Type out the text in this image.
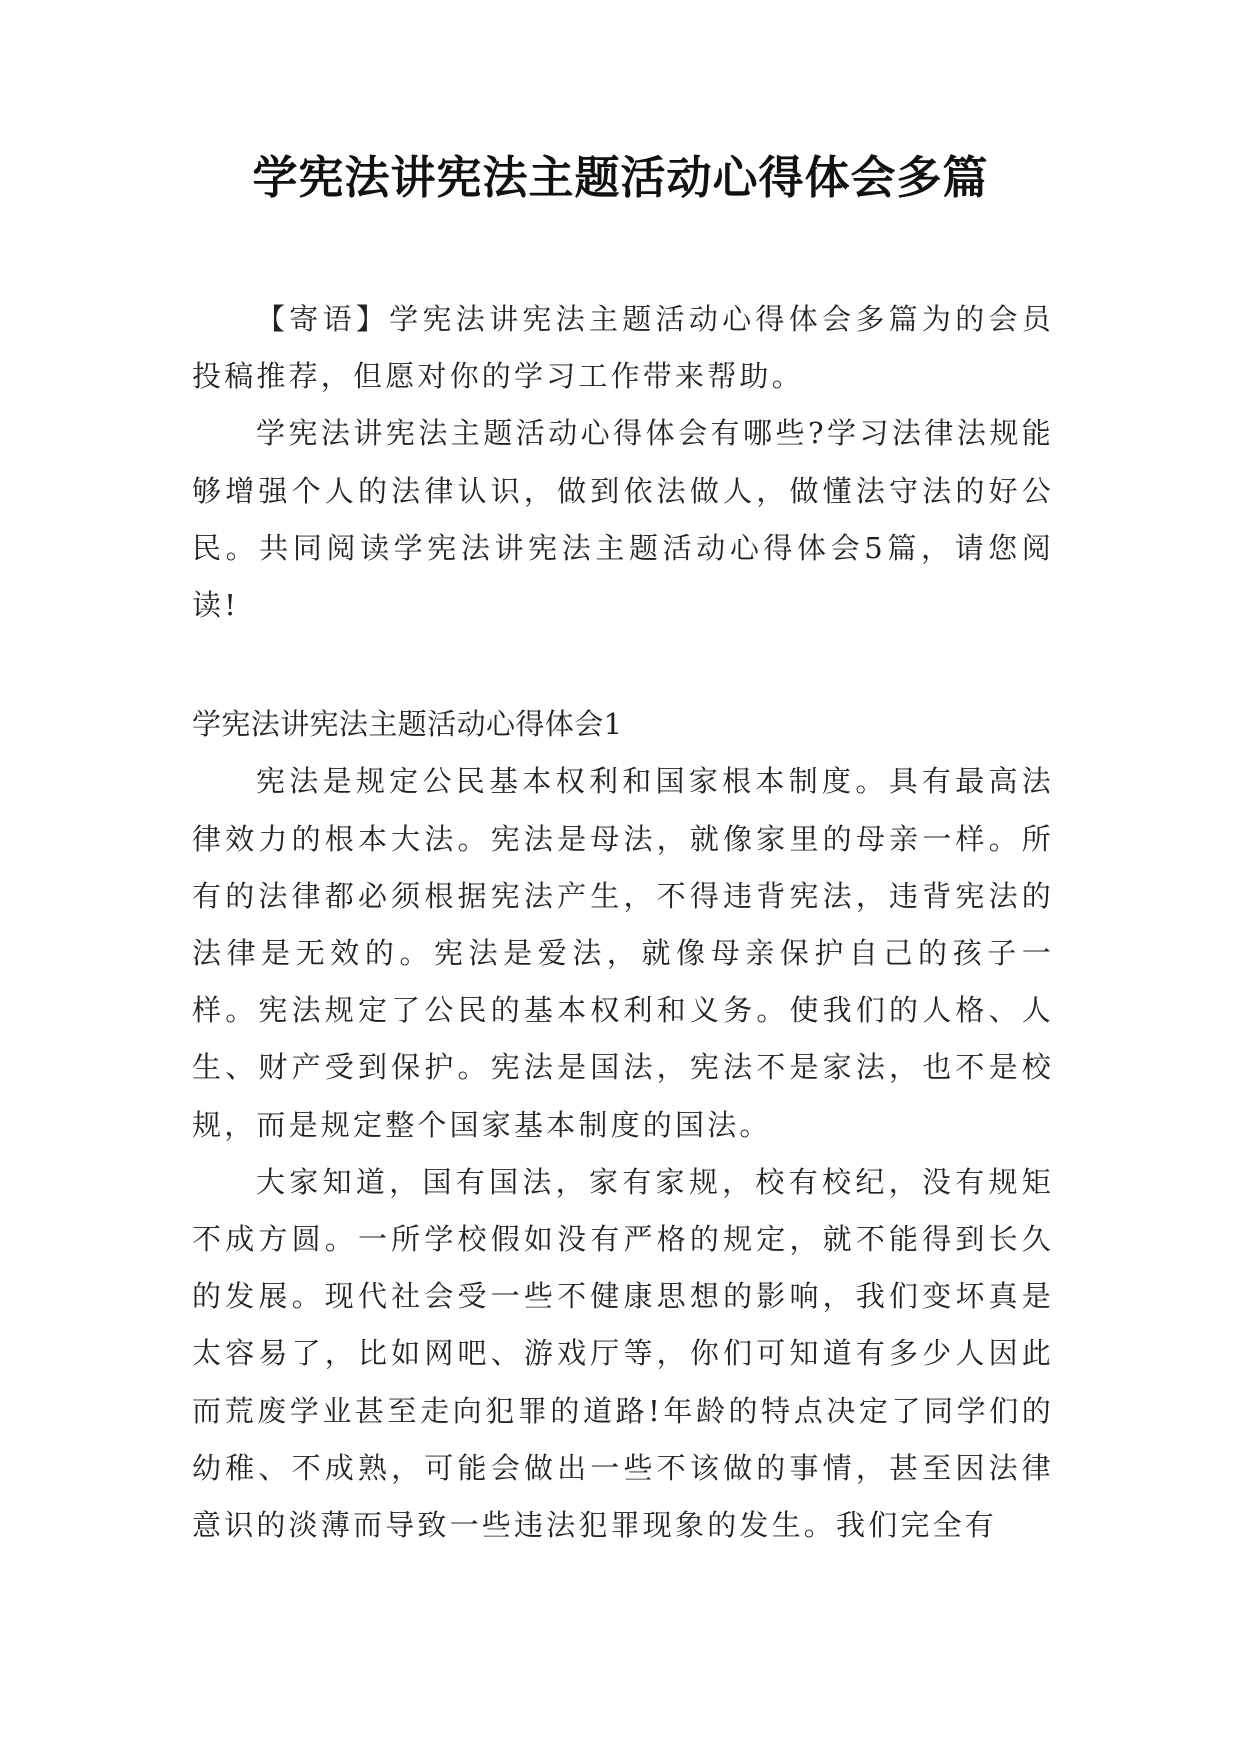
学宪法讲宪法主题活动心得体会多篇

【寄语】学宪法讲宪法主题活动心得体会多篇为的会员投稿推荐，但愿对你的学习工作带来帮助。

学宪法讲宪法主题活动心得体会有哪些?学习法律法规能够增强个人的法律认识，做到依法做人，做懂法守法的好公民。共同阅读学宪法讲宪法主题活动心得体会5篇，请您阅读!

学宪法讲宪法主题活动心得体会1

宪法是规定公民基本权利和国家根本制度。具有最高法律效力的根本大法。宪法是母法，就像家里的母亲一样。所有的法律都必须根据宪法产生，不得违背宪法，违背宪法的法律是无效的。宪法是爱法，就像母亲保护自己的孩子一样。宪法规定了公民的基本权利和义务。使我们的人格、人生、财产受到保护。宪法是国法，宪法不是家法，也不是校规，而是规定整个国家基本制度的国法。

大家知道，国有国法，家有家规，校有校纪，没有规矩不成方圆。一所学校假如没有严格的规定，就不能得到长久的发展。现代社会受一些不健康思想的影响，我们变坏真是太容易了，比如网吧、游戏厅等，你们可知道有多少人因此而荒废学业甚至走向犯罪的道路!年龄的特点决定了同学们的幼稚、不成熟，可能会做出一些不该做的事情，甚至因法律意识的淡薄而导致一些违法犯罪现象的发生。我们完全有
